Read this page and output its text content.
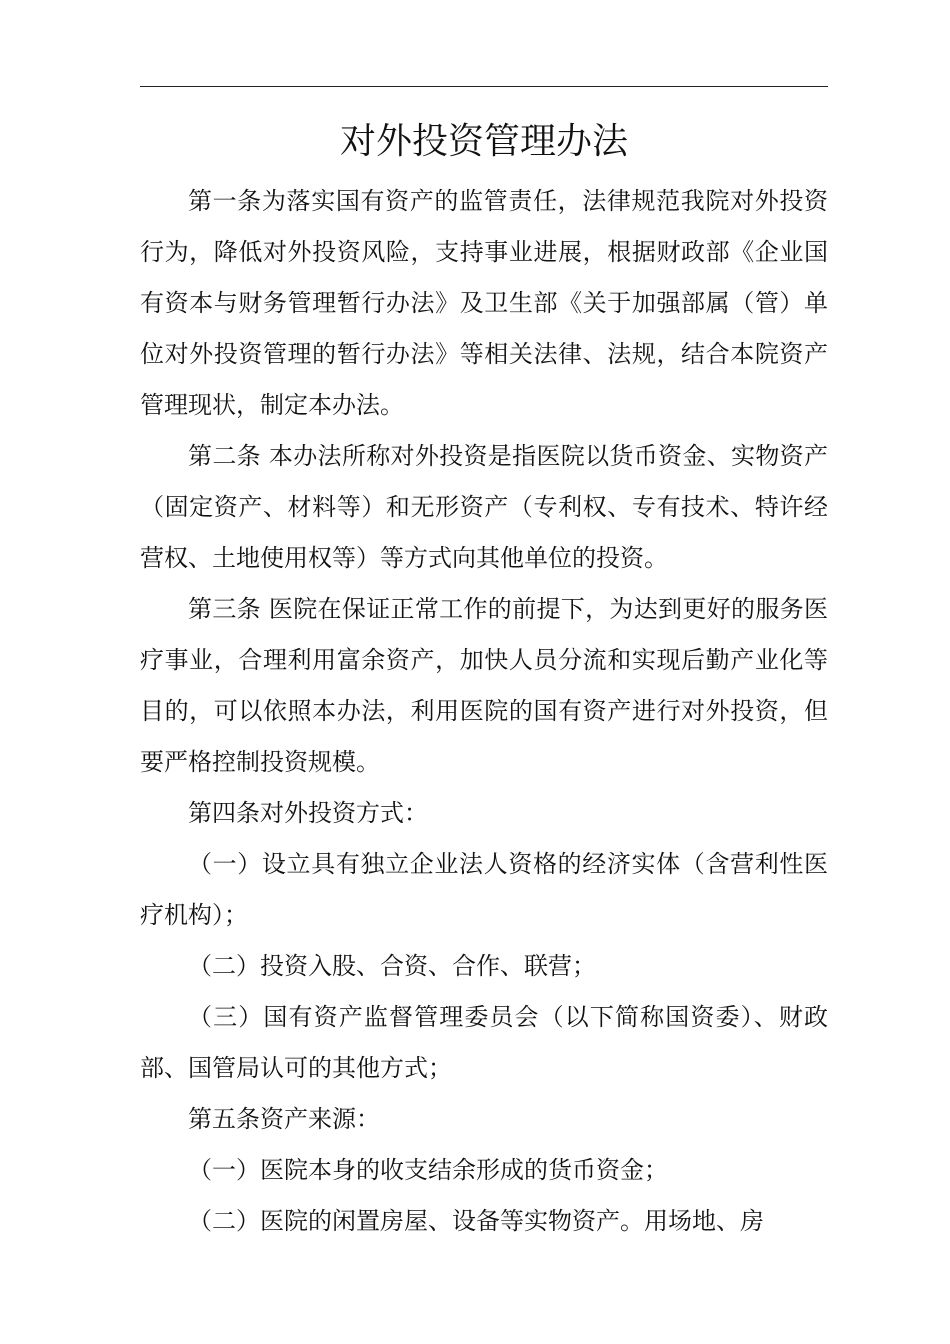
对外投资管理办法

第一条为落实国有资产的监管责任，法律规范我院对外投资行为，降低对外投资风险，支持事业进展，根据财政部《企业国有资本与财务管理暂行办法》及卫生部《关于加强部属（管）单位对外投资管理的暂行办法》等相关法律、法规，结合本院资产管理现状，制定本办法。

第二条 本办法所称对外投资是指医院以货币资金、实物资产（固定资产、材料等）和无形资产（专利权、专有技术、特许经营权、土地使用权等）等方式向其他单位的投资。

第三条 医院在保证正常工作的前提下，为达到更好的服务医疗事业，合理利用富余资产，加快人员分流和实现后勤产业化等目的，可以依照本办法，利用医院的国有资产进行对外投资，但要严格控制投资规模。

第四条对外投资方式：

（一）设立具有独立企业法人资格的经济实体（含营利性医疗机构）；

（二）投资入股、合资、合作、联营；

（三）国有资产监督管理委员会（以下简称国资委）、财政部、国管局认可的其他方式；

第五条资产来源：

（一）医院本身的收支结余形成的货币资金；

（二）医院的闲置房屋、设备等实物资产。用场地、房
